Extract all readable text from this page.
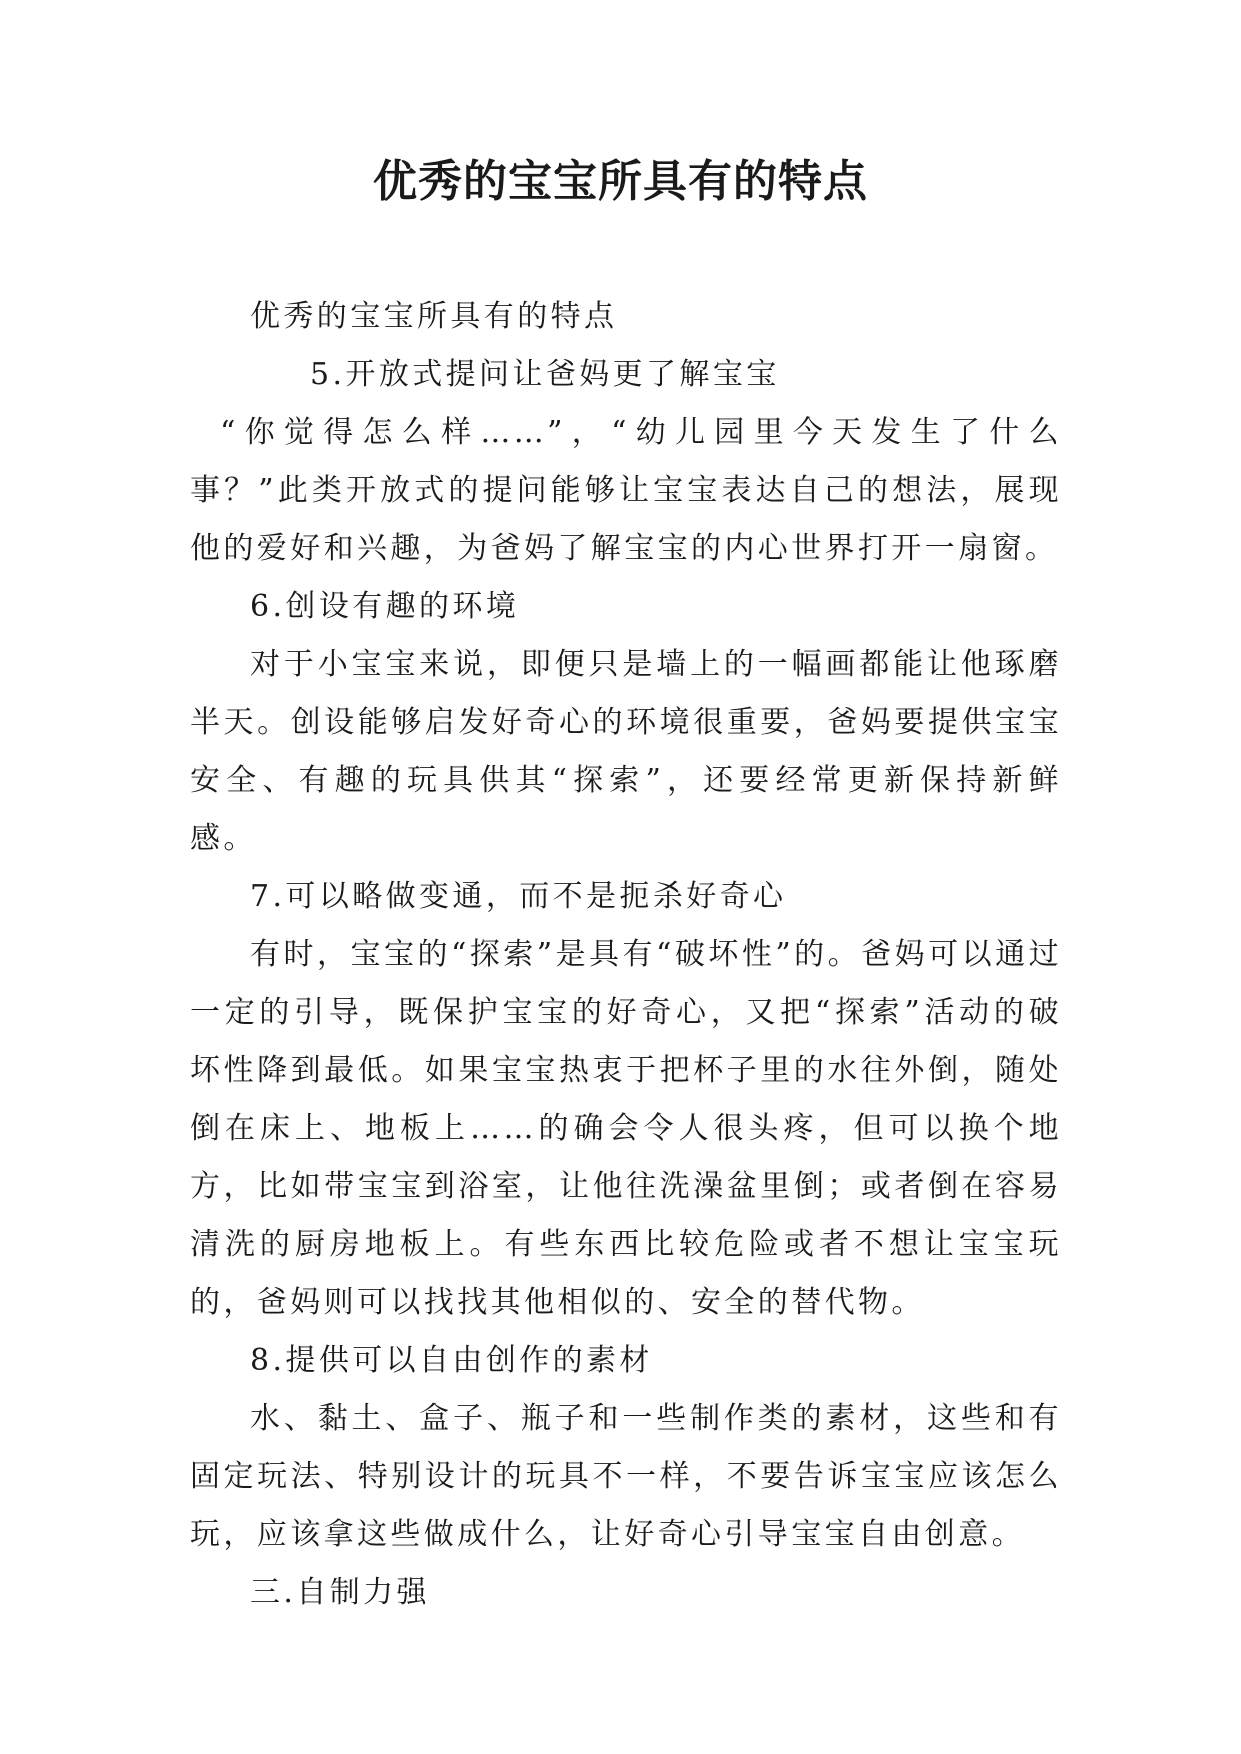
优秀的宝宝所具有的特点

优秀的宝宝所具有的特点

5.开放式提问让爸妈更了解宝宝

“你觉得怎么样……”，“幼儿园里今天发生了什么事？”此类开放式的提问能够让宝宝表达自己的想法，展现他的爱好和兴趣，为爸妈了解宝宝的内心世界打开一扇窗。

6.创设有趣的环境

对于小宝宝来说，即便只是墙上的一幅画都能让他琢磨半天。创设能够启发好奇心的环境很重要，爸妈要提供宝宝安全、有趣的玩具供其“探索”，还要经常更新保持新鲜感。

7.可以略做变通，而不是扼杀好奇心

有时，宝宝的“探索”是具有“破坏性”的。爸妈可以通过一定的引导，既保护宝宝的好奇心，又把“探索”活动的破坏性降到最低。如果宝宝热衷于把杯子里的水往外倒，随处倒在床上、地板上……的确会令人很头疼，但可以换个地方，比如带宝宝到浴室，让他往洗澡盆里倒；或者倒在容易清洗的厨房地板上。有些东西比较危险或者不想让宝宝玩的，爸妈则可以找找其他相似的、安全的替代物。

8.提供可以自由创作的素材

水、黏土、盒子、瓶子和一些制作类的素材，这些和有固定玩法、特别设计的玩具不一样，不要告诉宝宝应该怎么玩，应该拿这些做成什么，让好奇心引导宝宝自由创意。

三.自制力强
